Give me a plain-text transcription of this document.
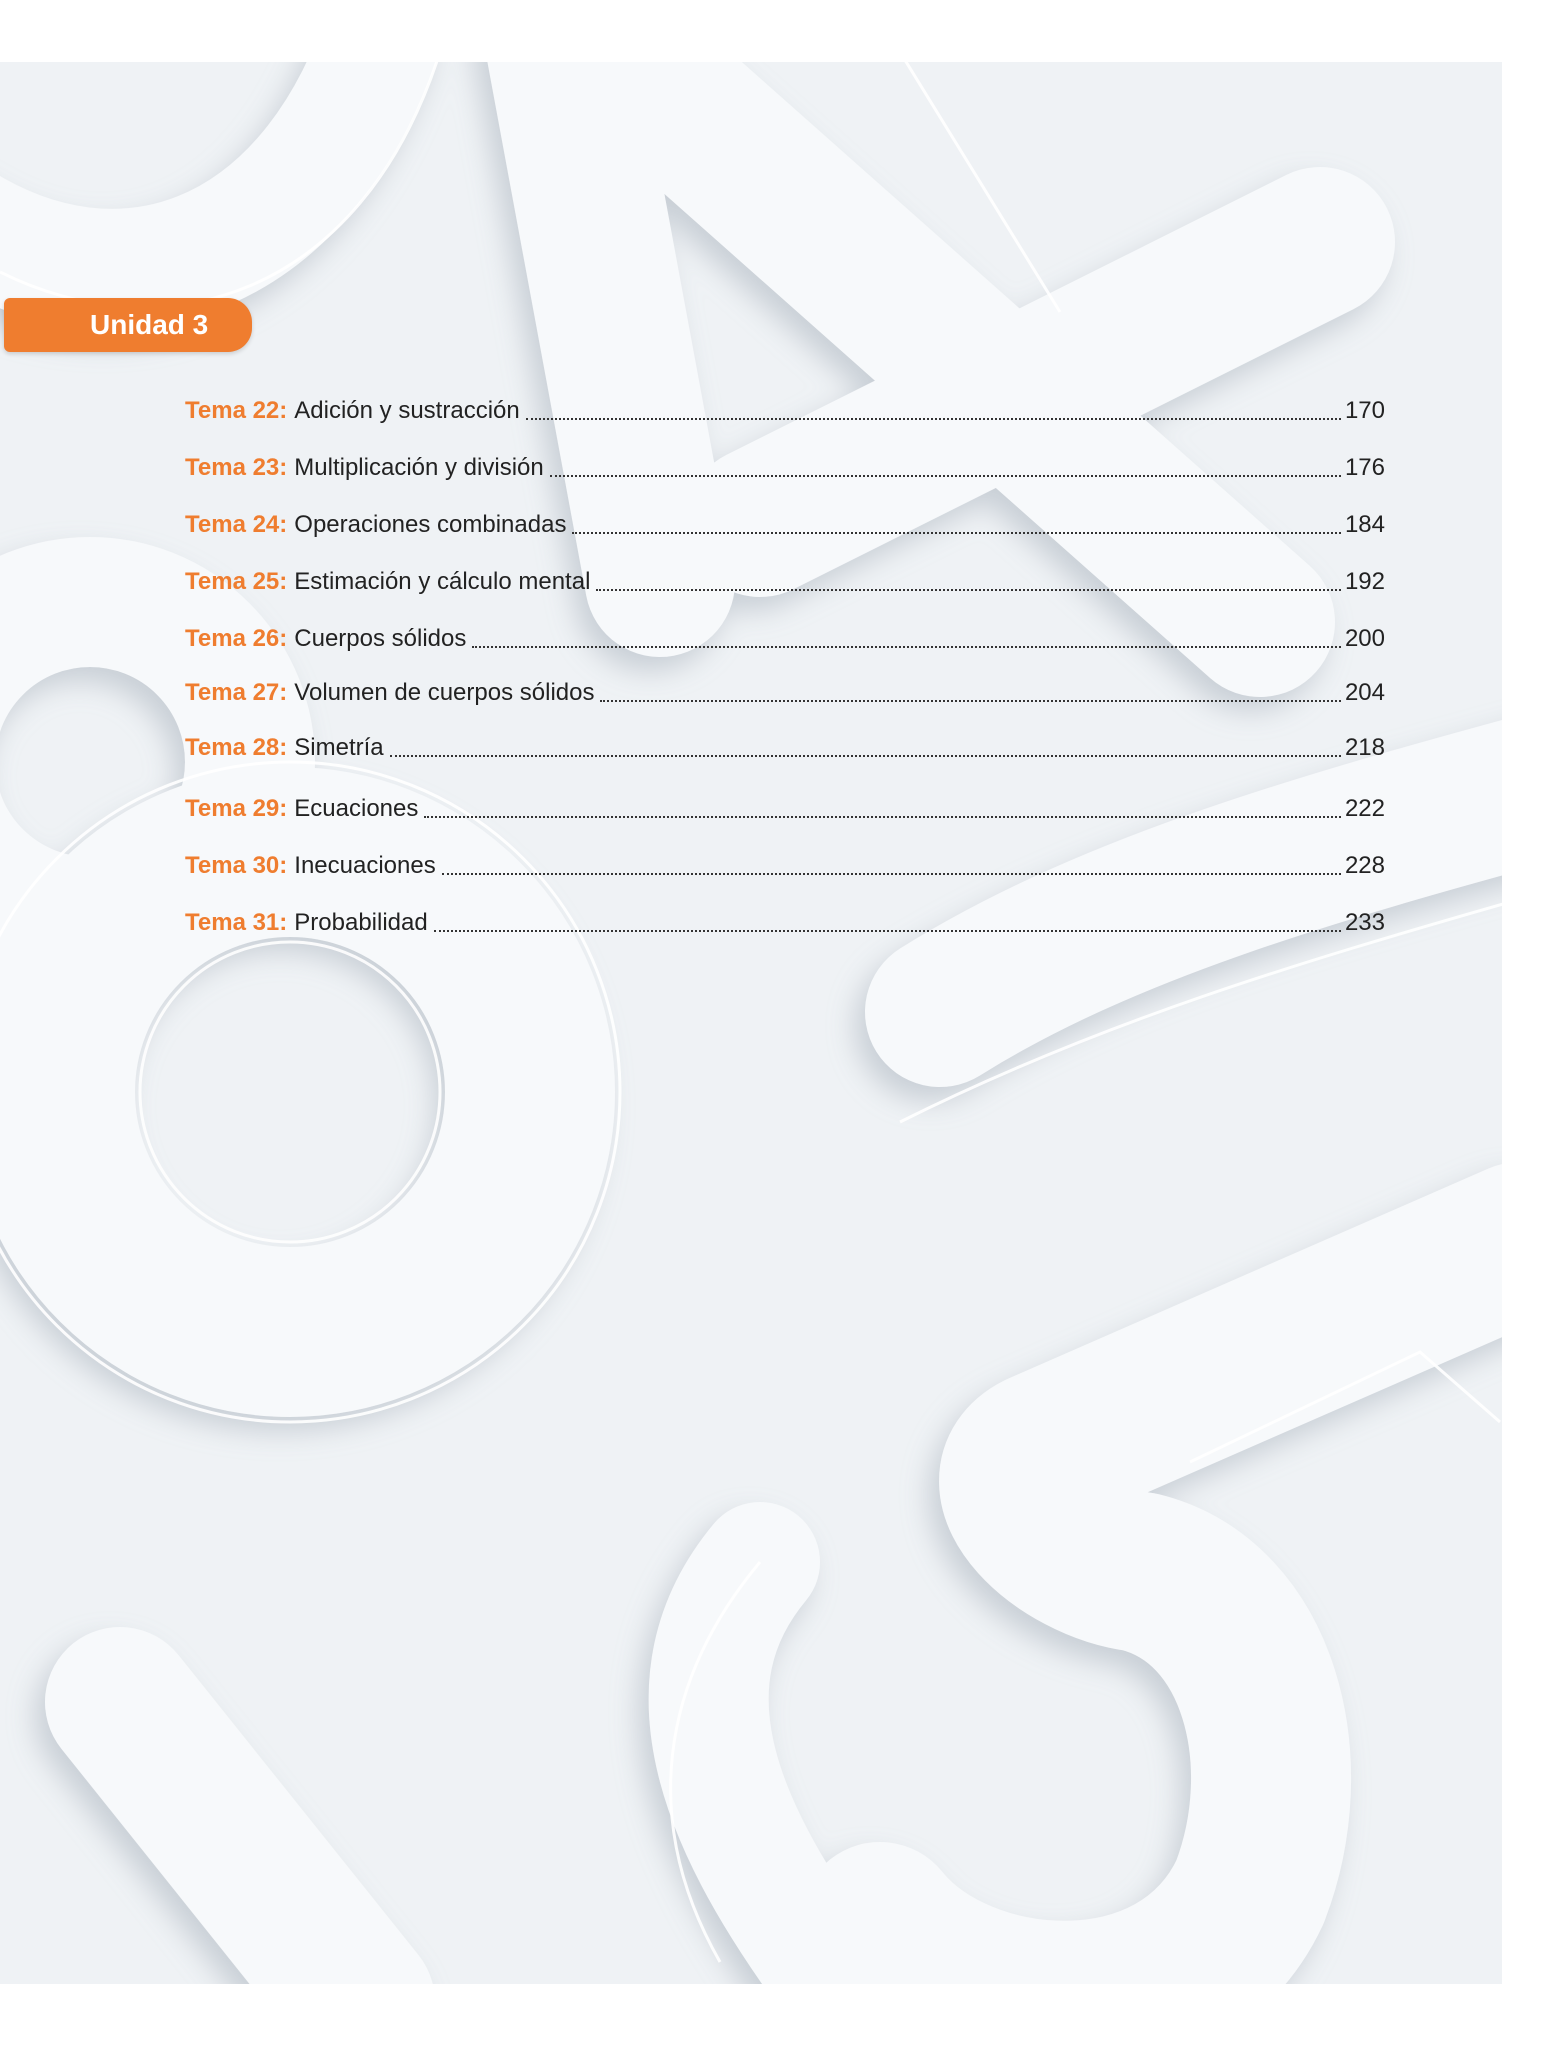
Unidad 3
Tema 22: Adición y sustracción	170
Tema 23: Multiplicación y división	176
Tema 24: Operaciones combinadas	184
Tema 25: Estimación y cálculo mental	192
Tema 26: Cuerpos sólidos	200
Tema 27: Volumen de cuerpos sólidos	204
Tema 28: Simetría	218
Tema 29: Ecuaciones	222
Tema 30: Inecuaciones	228
Tema 31: Probabilidad	233
